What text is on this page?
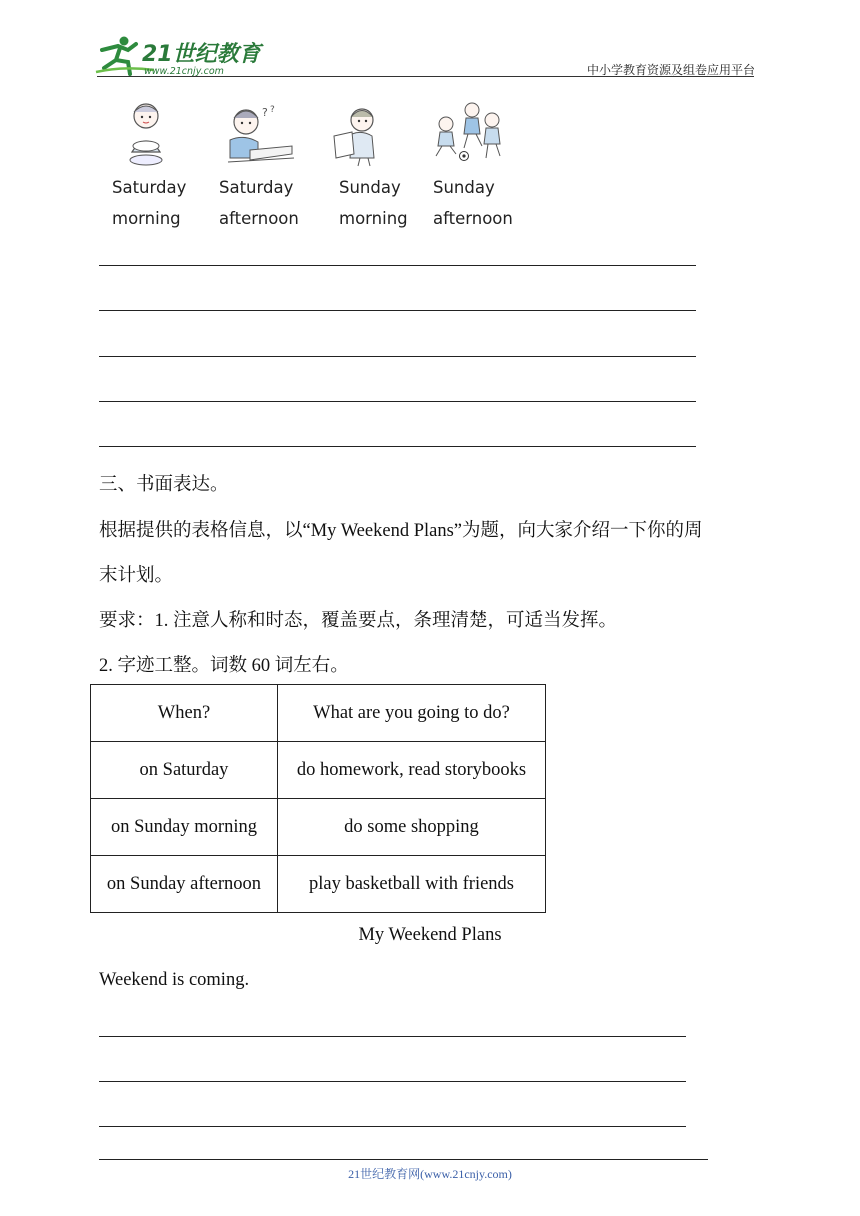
21世纪教育
www.21cnjy.com	中小学教育资源及组卷应用平台
? ?
Saturday
morning
Saturday
afternoon
Sunday
morning
Sunday
afternoon
三、书面表达。
根据提供的表格信息，以“My Weekend Plans”为题，向大家介绍一下你的周
末计划。
要求：1. 注意人称和时态，覆盖要点，条理清楚，可适当发挥。
2. 字迹工整。词数 60 词左右。
When?	What are you going to do?
on Saturday	do homework, read storybooks
on Sunday morning	do some shopping
on Sunday afternoon	play basketball with friends
My Weekend Plans
Weekend is coming.
21世纪教育网(www.21cnjy.com)
